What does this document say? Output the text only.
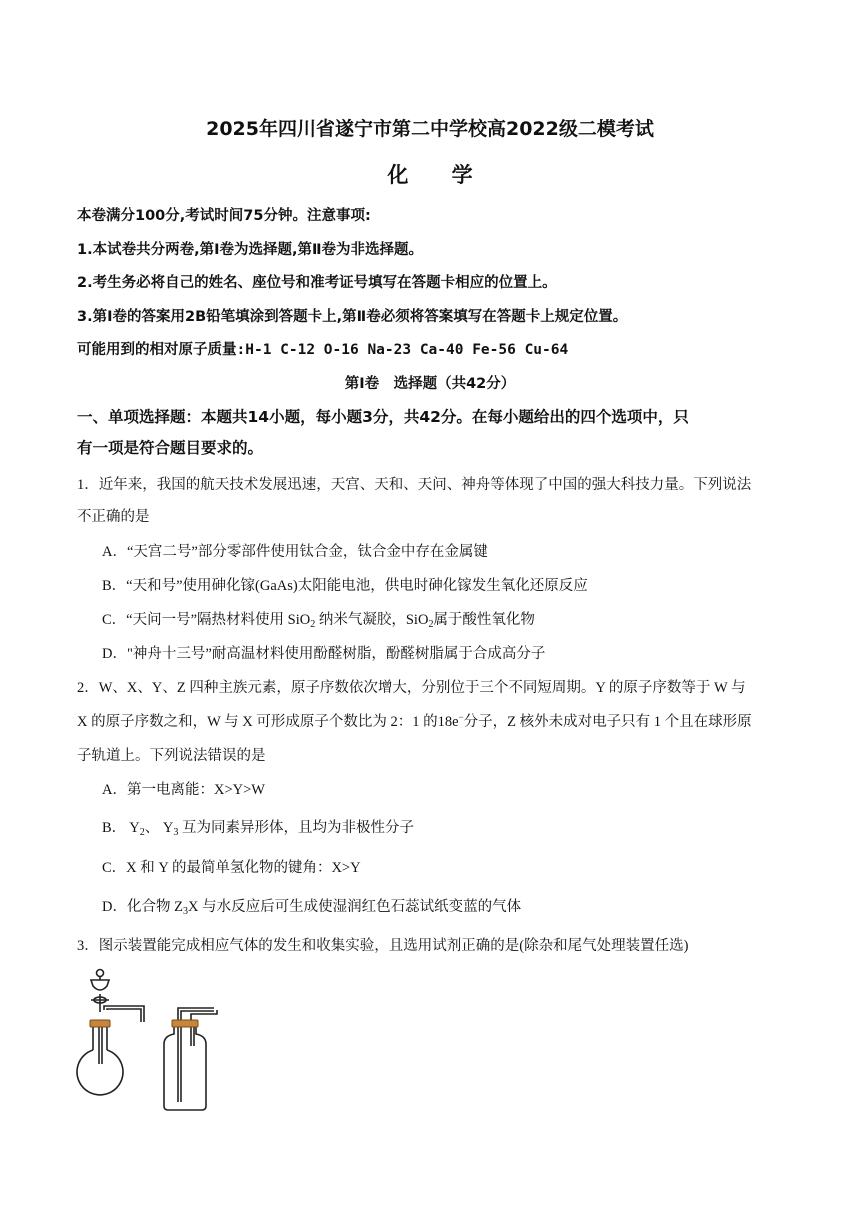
2025年四川省遂宁市第二中学校高2022级二模考试
化 学
本卷满分100分,考试时间75分钟。注意事项:
1.本试卷共分两卷,第Ⅰ卷为选择题,第Ⅱ卷为非选择题。
2.考生务必将自己的姓名、座位号和准考证号填写在答题卡相应的位置上。
3.第Ⅰ卷的答案用2B铅笔填涂到答题卡上,第Ⅱ卷必须将答案填写在答题卡上规定位置。
可能用到的相对原子质量:H-1 C-12 O-16 Na-23 Ca-40 Fe-56 Cu-64
第Ⅰ卷　选择题（共42分）
一、单项选择题：本题共14小题，每小题3分，共42分。在每小题给出的四个选项中，只
有一项是符合题目要求的。
1．近年来，我国的航天技术发展迅速，天宫、天和、天问、神舟等体现了中国的强大科技力量。下列说法
不正确的是
A．“天宫二号”部分零部件使用钛合金，钛合金中存在金属键
B．“天和号”使用砷化镓(GaAs)太阳能电池，供电时砷化镓发生氧化还原反应
C．“天问一号”隔热材料使用 SiO$_2$ 纳米气凝胶，SiO$_2$属于酸性氧化物
D．"神舟十三号”耐高温材料使用酚醛树脂，酚醛树脂属于合成高分子
2．W、X、Y、Z 四种主族元素，原子序数依次增大，分别位于三个不同短周期。Y 的原子序数等于 W 与
X 的原子序数之和，W 与 X 可形成原子个数比为 2：1 的18e−分子，Z 核外未成对电子只有 1 个且在球形原
子轨道上。下列说法错误的是
A．第一电离能：X>Y>W
B． $Y_2$、 $Y_3$ 互为同素异形体，且均为非极性分子
C．X 和 Y 的最简单氢化物的键角：X>Y
D．化合物 $Z_3X$ 与水反应后可生成使湿润红色石蕊试纸变蓝的气体
3．图示装置能完成相应气体的发生和收集实验，且选用试剂正确的是(除杂和尾气处理装置任选)
